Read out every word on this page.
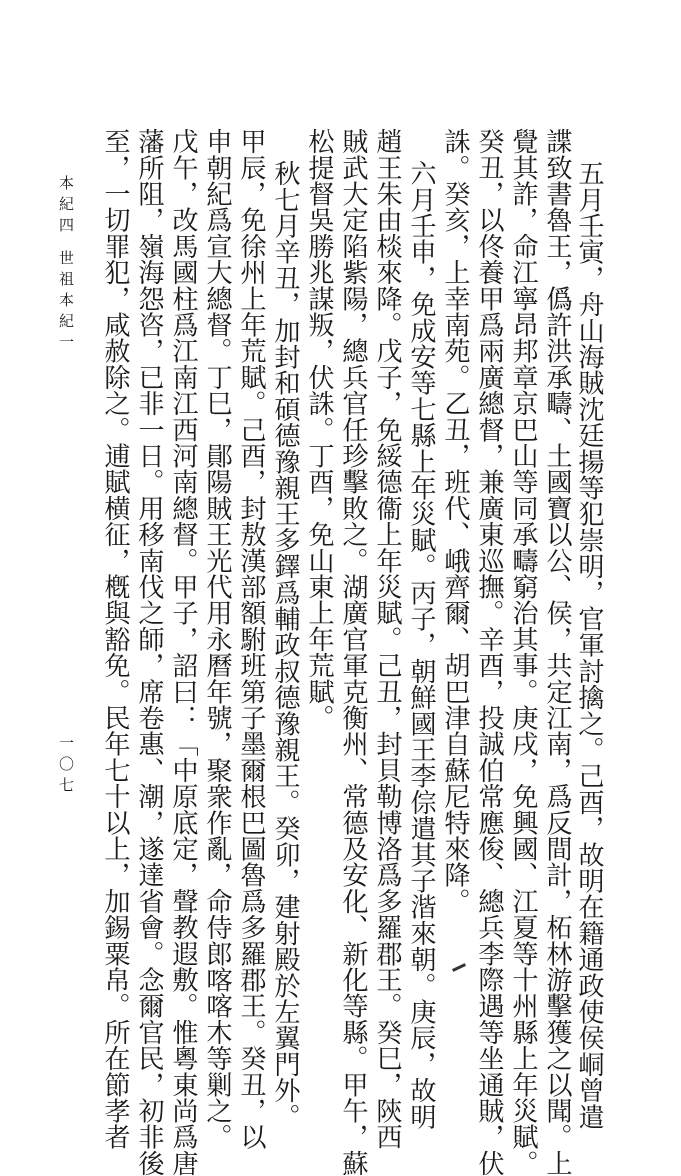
五月壬寅，舟山海賊沈廷揚等犯崇明，官軍討擒之。己酉，故明在籍通政使侯峒曾遣

諜致書魯王，僞許洪承疇、土國寶以公、侯，共定江南，爲反間計，柘林游擊獲之以聞。上

覺其詐，命江寧昂邦章京巴山等同承疇窮治其事。庚戌，免興國、江夏等十州縣上年災賦。

癸丑，以佟養甲爲兩廣總督，兼廣東巡撫。辛酉，投誠伯常應俊、總兵李際遇等坐通賊，伏

誅。癸亥，上幸南苑。乙丑，班代、峨齊爾、胡巴津自蘇尼特來降。

六月壬申，免成安等七縣上年災賦。丙子，朝鮮國王李倧遣其子湝來朝。庚辰，故明

趙王朱由棪來降。戊子，免綏德衞上年災賦。己丑，封貝勒博洛爲多羅郡王。癸巳，陝西

賊武大定陷紫陽，總兵官任珍擊敗之。湖廣官軍克衡州、常德及安化、新化等縣。甲午，蘇

松提督吳勝兆謀叛，伏誅。丁酉，免山東上年荒賦。

秋七月辛丑，加封和碩德豫親王多鐸爲輔政叔德豫親王。癸卯，建射殿於左翼門外。

甲辰，免徐州上年荒賦。己酉，封敖漢部額駙班第子墨爾根巴圖魯爲多羅郡王。癸丑，以

申朝紀爲宣大總督。丁巳，鄖陽賊王光代用永曆年號，聚衆作亂，命侍郎喀喀木等剿之。

戊午，改馬國柱爲江南江西河南總督。甲子，詔曰：「中原底定，聲教遐敷。惟粵東尚爲唐

藩所阻，嶺海怨咨，已非一日。用移南伐之師，席卷惠、潮，遂達省會。念爾官民，初非後

至，一切罪犯，咸赦除之。逋賦横征，槪與豁免。民年七十以上，加錫粟帛。所在節孝者

本紀四
世祖本紀一
一〇七
